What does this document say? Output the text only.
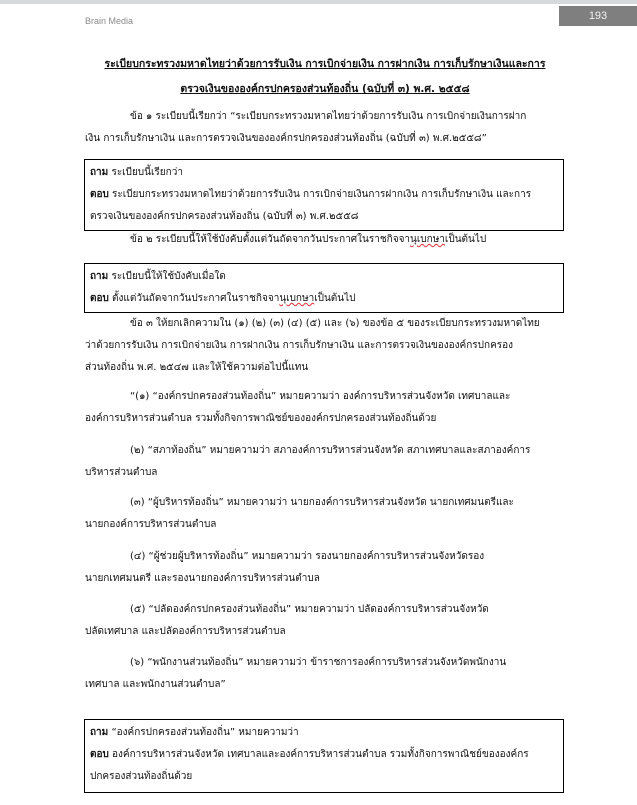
Brain Media	193
ระเบียบกระทรวงมหาดไทยว่าด้วยการรับเงิน การเบิกจ่ายเงิน การฝากเงิน การเก็บรักษาเงินและการ
ตรวจเงินขององค์กรปกครองส่วนท้องถิ่น (ฉบับที่ ๓) พ.ศ. ๒๕๕๘
ข้อ ๑ ระเบียบนี้เรียกว่า “ระเบียบกระทรวงมหาดไทยว่าด้วยการรับเงิน การเบิกจ่ายเงินการฝาก
เงิน การเก็บรักษาเงิน และการตรวจเงินขององค์กรปกครองส่วนท้องถิ่น (ฉบับที่ ๓) พ.ศ.๒๕๕๘”
ถาม ระเบียบนี้เรียกว่า
ตอบ ระเบียบกระทรวงมหาดไทยว่าด้วยการรับเงิน การเบิกจ่ายเงินการฝากเงิน การเก็บรักษาเงิน และการ
ตรวจเงินขององค์กรปกครองส่วนท้องถิ่น (ฉบับที่ ๓) พ.ศ.๒๕๕๘
ข้อ ๒ ระเบียบนี้ให้ใช้บังคับตั้งแต่วันถัดจากวันประกาศในราชกิจจานุเบกษาเป็นต้นไป
ถาม ระเบียบนี้ให้ใช้บังคับเมื่อใด
ตอบ ตั้งแต่วันถัดจากวันประกาศในราชกิจจานุเบกษาเป็นต้นไป
ข้อ ๓ ให้ยกเลิกความใน (๑) (๒) (๓) (๔) (๕) และ (๖) ของข้อ ๕ ของระเบียบกระทรวงมหาดไทย
ว่าด้วยการรับเงิน การเบิกจ่ายเงิน การฝากเงิน การเก็บรักษาเงิน และการตรวจเงินขององค์กรปกครอง
ส่วนท้องถิ่น พ.ศ. ๒๕๔๗ และให้ใช้ความต่อไปนี้แทน
“(๑) “องค์กรปกครองส่วนท้องถิ่น” หมายความว่า องค์การบริหารส่วนจังหวัด เทศบาลและ
องค์การบริหารส่วนตำบล รวมทั้งกิจการพาณิชย์ขององค์กรปกครองส่วนท้องถิ่นด้วย
(๒) “สภาท้องถิ่น” หมายความว่า สภาองค์การบริหารส่วนจังหวัด สภาเทศบาลและสภาองค์การ
บริหารส่วนตำบล
(๓) “ผู้บริหารท้องถิ่น” หมายความว่า นายกองค์การบริหารส่วนจังหวัด นายกเทศมนตรีและ
นายกองค์การบริหารส่วนตำบล
(๔) “ผู้ช่วยผู้บริหารท้องถิ่น” หมายความว่า รองนายกองค์การบริหารส่วนจังหวัดรอง
นายกเทศมนตรี และรองนายกองค์การบริหารส่วนตำบล
(๕) “ปลัดองค์กรปกครองส่วนท้องถิ่น” หมายความว่า ปลัดองค์การบริหารส่วนจังหวัด
ปลัดเทศบาล และปลัดองค์การบริหารส่วนตำบล
(๖) “พนักงานส่วนท้องถิ่น” หมายความว่า ข้าราชการองค์การบริหารส่วนจังหวัดพนักงาน
เทศบาล และพนักงานส่วนตำบล”
ถาม “องค์กรปกครองส่วนท้องถิ่น” หมายความว่า
ตอบ องค์การบริหารส่วนจังหวัด เทศบาลและองค์การบริหารส่วนตำบล รวมทั้งกิจการพาณิชย์ขององค์กร
ปกครองส่วนท้องถิ่นด้วย
